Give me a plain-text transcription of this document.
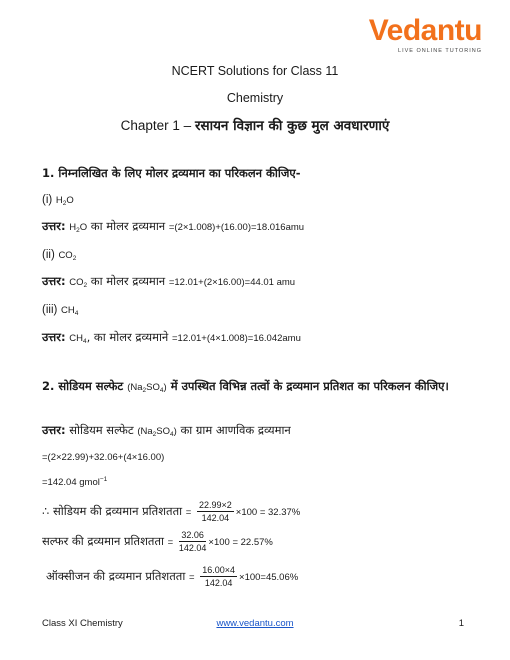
Vedantu
LIVE ONLINE TUTORING
NCERT Solutions for Class 11
Chemistry
Chapter 1 – रसायन विज्ञान की कुछ मुल अवधारणाएं
1. निम्नलिखित के लिए मोलर द्रव्यमान का परिकलन कीजिए-
(i) $H_2O$
उत्तर: $H_2O$ का मोलर द्रव्यमान =(2×1.008)+(16.00)=18.016amu
(ii) $CO_2$
उत्तर: $CO_2$ का मोलर द्रव्यमान =12.01+(2×16.00)=44.01 amu
(iii) $CH_4$
उत्तर: $CH_4$, का मोलर द्रव्यमाने =12.01+(4×1.008)=16.042amu
2. सोडियम सल्फेट $(Na_2SO_4)$ में उपस्थित विभिन्न तत्वों के द्रव्यमान प्रतिशत का परिकलन कीजिए।
उत्तर: सोडियम सल्फेट $(Na_2SO_4)$ का ग्राम आणविक द्रव्यमान
=(2×22.99)+32.06+(4×16.00)
=142.04 gmol$^{-1}$
∴ सोडियम की द्रव्यमान प्रतिशतता = $\frac{22.99\times 2}{142.04} \times 100 = 32.37\%$
सल्फर की द्रव्यमान प्रतिशतता = $\frac{32.06}{142.04} \times 100 = 22.57\%$
ऑक्सीजन की द्रव्यमान प्रतिशतता = $\frac{16.00\times 4}{142.04} \times 100=45.06\%$
Class XI Chemistry	www.vedantu.com	1
